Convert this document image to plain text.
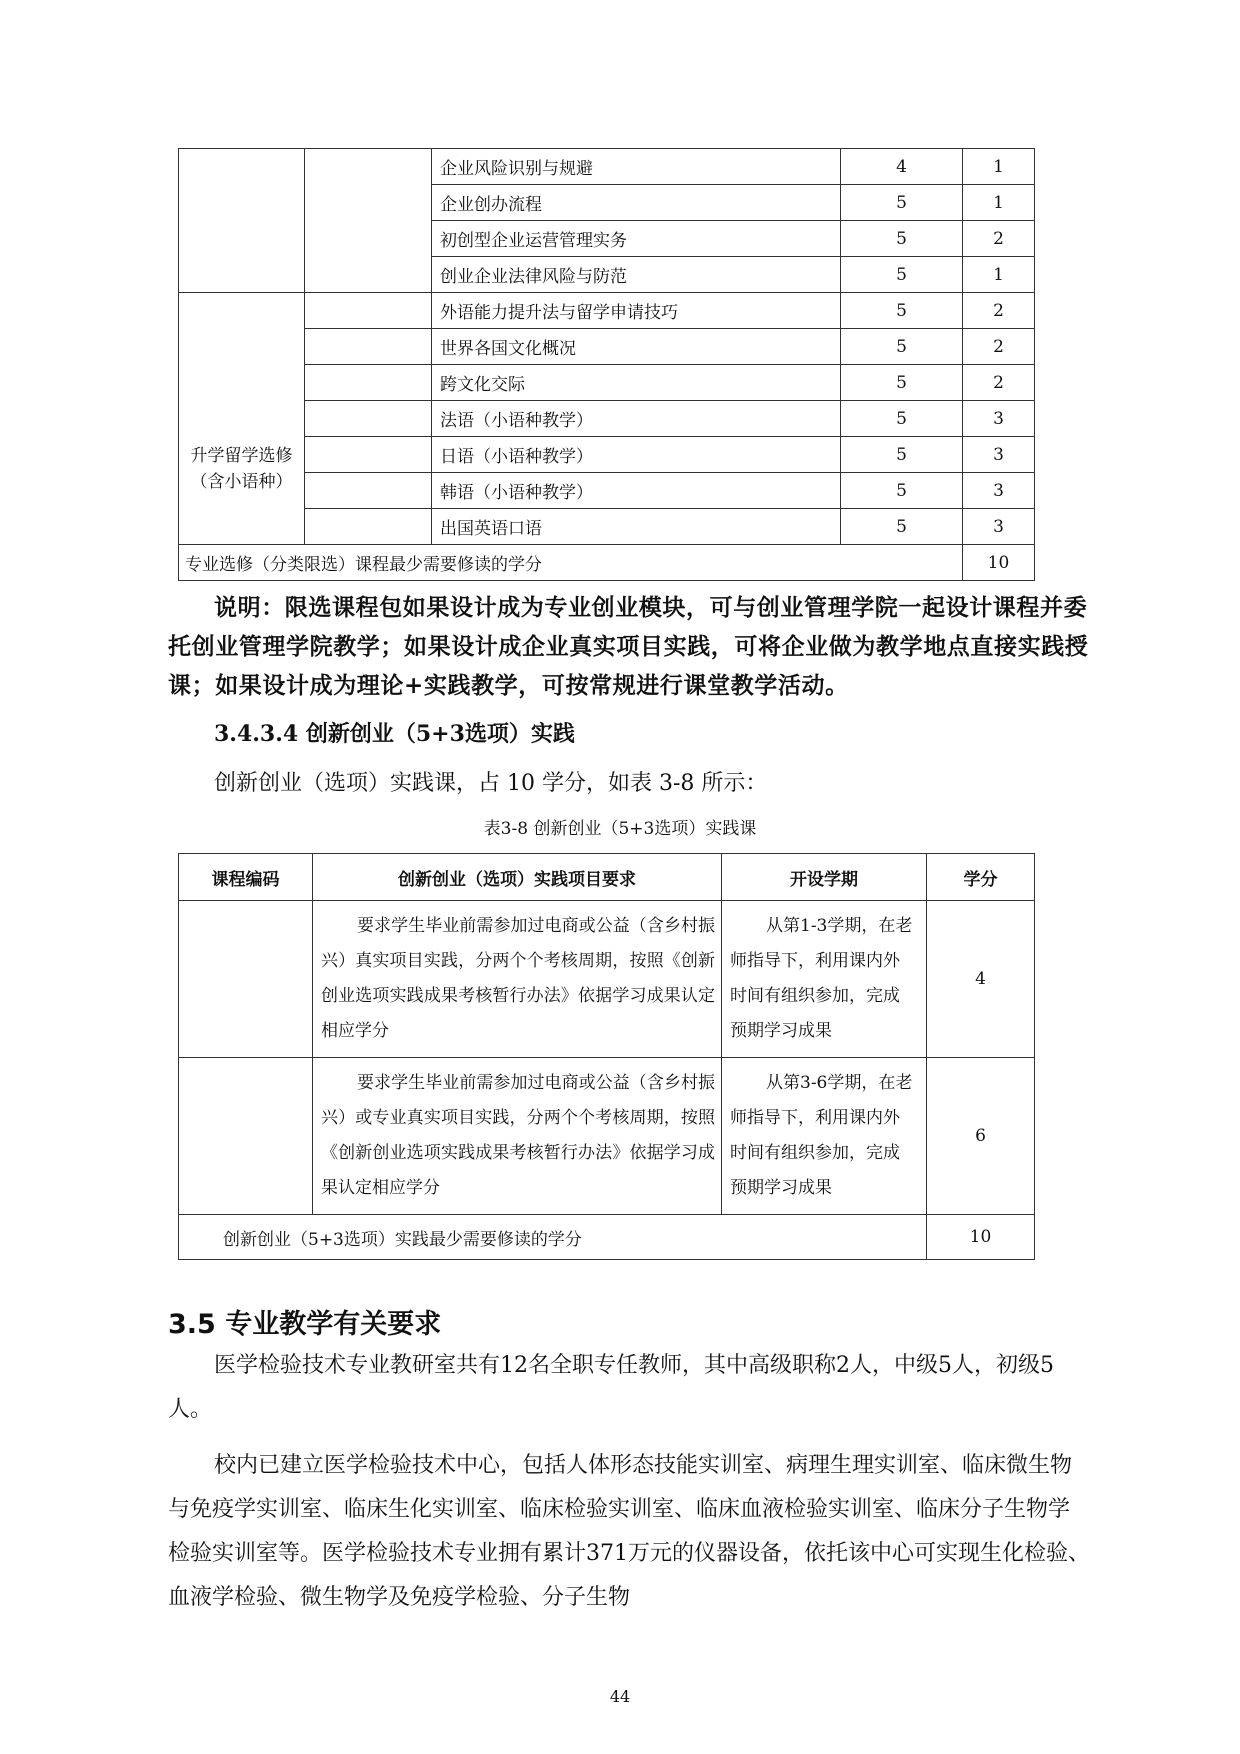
		企业风险识别与规避	4	1
		企业创办流程	5	1
		初创型企业运营管理实务	5	2
		创业企业法律风险与防范	5	1

升学留学选修
（含小语种）		外语能力提升法与留学申请技巧	5	2
		世界各国文化概况	5	2
		跨文化交际	5	2
		法语（小语种教学）	5	3
		日语（小语种教学）	5	3
		韩语（小语种教学）	5	3
		出国英语口语	5	3
专业选修（分类限选）课程最少需要修读的学分				10

说明：限选课程包如果设计成为专业创业模块，可与创业管理学院一起设计课程并委托创业管理学院教学；如果设计成企业真实项目实践，可将企业做为教学地点直接实践授课；如果设计成为理论+实践教学，可按常规进行课堂教学活动。

3.4.3.4 创新创业（5+3选项）实践
创新创业（选项）实践课，占 10 学分，如表 3-8 所示：
表3-8 创新创业（5+3选项）实践课
课程编码	创新创业（选项）实践项目要求	开设学期	学分
	要求学生毕业前需参加过电商或公益（含乡村振兴）真实项目实践，分两个个考核周期，按照《创新创业选项实践成果考核暂行办法》依据学习成果认定相应学分	从第1-3学期，在老师指导下，利用课内外时间有组织参加，完成预期学习成果	4
	要求学生毕业前需参加过电商或公益（含乡村振兴）或专业真实项目实践，分两个个考核周期，按照《创新创业选项实践成果考核暂行办法》依据学习成果认定相应学分	从第3-6学期，在老师指导下，利用课内外时间有组织参加，完成预期学习成果	6
创新创业（5+3选项）实践最少需要修读的学分			10
3.5 专业教学有关要求

医学检验技术专业教研室共有12名全职专任教师，其中高级职称2人，中级5人，初级5人。

校内已建立医学检验技术中心，包括人体形态技能实训室、病理生理实训室、临床微生物与免疫学实训室、临床生化实训室、临床检验实训室、临床血液检验实训室、临床分子生物学检验实训室等。医学检验技术专业拥有累计371万元的仪器设备，依托该中心可实现生化检验、血液学检验、微生物学及免疫学检验、分子生物

44
